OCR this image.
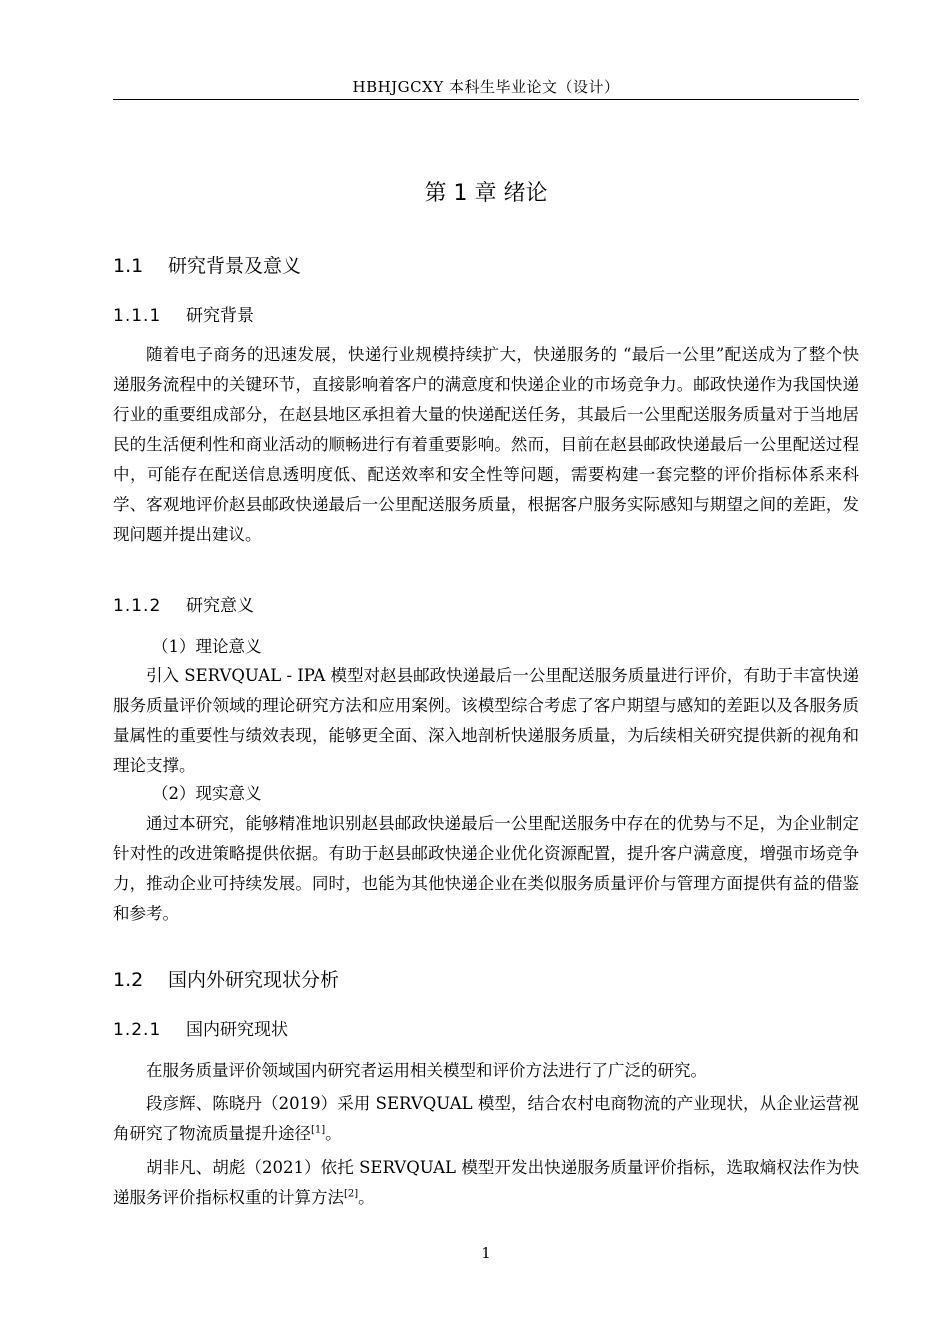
HBHJGCXY 本科生毕业论文（设计）
第 1 章 绪论
1.1 研究背景及意义
1.1.1 研究背景

随着电子商务的迅速发展，快递行业规模持续扩大，快递服务的 “最后一公里”配送成为了整个快递服务流程中的关键环节，直接影响着客户的满意度和快递企业的市场竞争力。邮政快递作为我国快递行业的重要组成部分，在赵县地区承担着大量的快递配送任务，其最后一公里配送服务质量对于当地居民的生活便利性和商业活动的顺畅进行有着重要影响。然而，目前在赵县邮政快递最后一公里配送过程中，可能存在配送信息透明度低、配送效率和安全性等问题，需要构建一套完整的评价指标体系来科学、客观地评价赵县邮政快递最后一公里配送服务质量，根据客户服务实际感知与期望之间的差距，发现问题并提出建议。

1.1.2 研究意义

（1）理论意义

引入 SERVQUAL - IPA 模型对赵县邮政快递最后一公里配送服务质量进行评价，有助于丰富快递服务质量评价领域的理论研究方法和应用案例。该模型综合考虑了客户期望与感知的差距以及各服务质量属性的重要性与绩效表现，能够更全面、深入地剖析快递服务质量，为后续相关研究提供新的视角和理论支撑。

（2）现实意义

通过本研究，能够精准地识别赵县邮政快递最后一公里配送服务中存在的优势与不足，为企业制定针对性的改进策略提供依据。有助于赵县邮政快递企业优化资源配置，提升客户满意度，增强市场竞争力，推动企业可持续发展。同时，也能为其他快递企业在类似服务质量评价与管理方面提供有益的借鉴和参考。

1.2 国内外研究现状分析
1.2.1 国内研究现状

在服务质量评价领域国内研究者运用相关模型和评价方法进行了广泛的研究。

段彦辉、陈晓丹（2019）采用 SERVQUAL 模型，结合农村电商物流的产业现状，从企业运营视角研究了物流质量提升途径[1]。

胡非凡、胡彪（2021）依托 SERVQUAL 模型开发出快递服务质量评价指标，选取熵权法作为快递服务评价指标权重的计算方法[2]。

1
